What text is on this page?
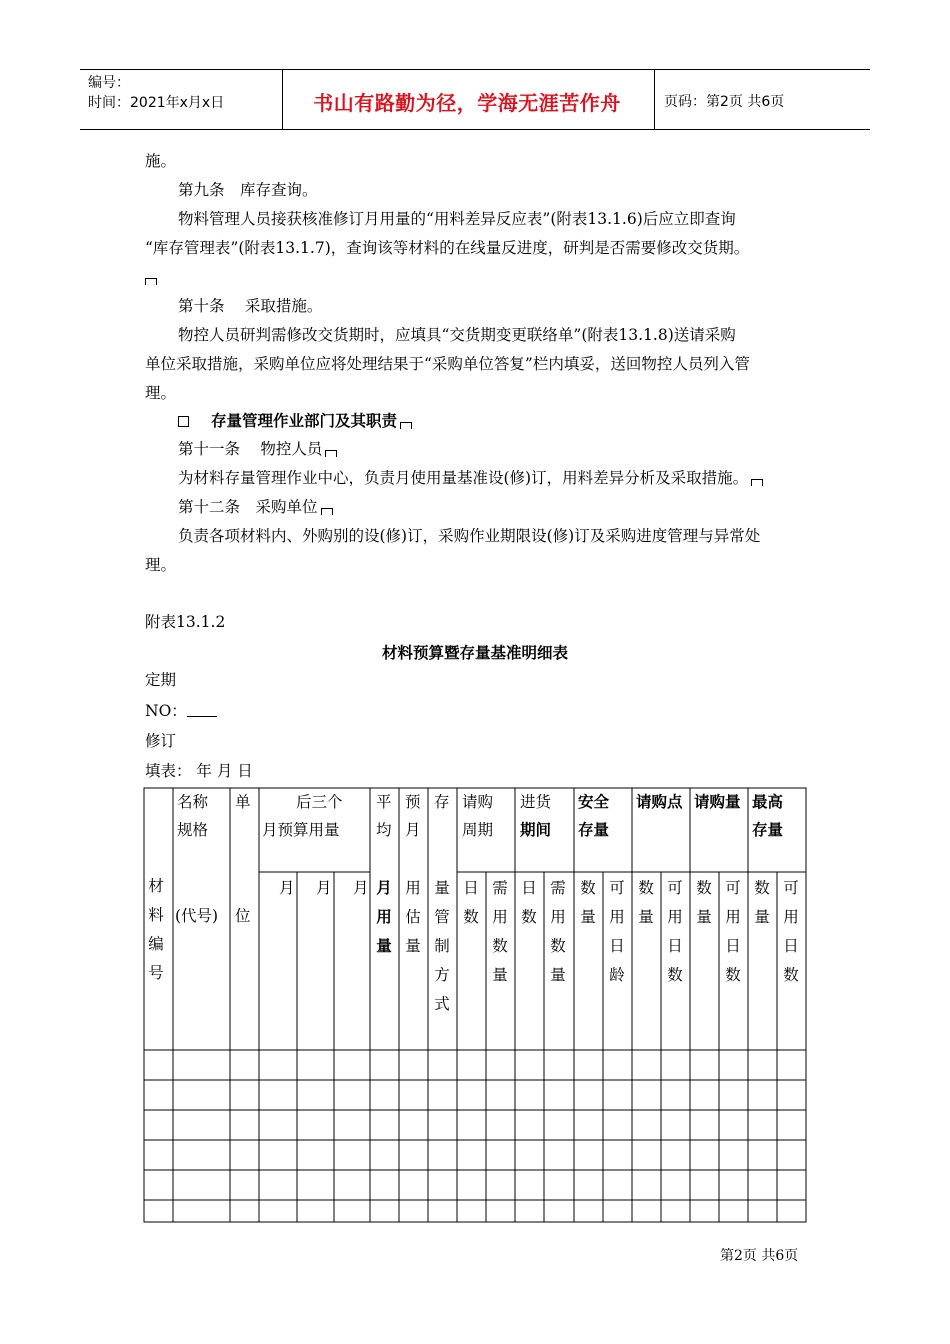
编号：
时间：2021年x月x日	书山有路勤为径，学海无涯苦作舟	页码：第2页 共6页
施。
第九条　库存查询。
物料管理人员接获核准修订月用量的“用料差异反应表”(附表13.1.6)后应立即查询
“库存管理表”(附表13.1.7)，查询该等材料的在线量反进度，研判是否需要修改交货期。
第十条　 采取措施。
物控人员研判需修改交货期时，应填具“交货期变更联络单”(附表13.1.8)送请采购
单位采取措施，采购单位应将处理结果于“采购单位答复”栏内填妥，送回物控人员列入管
理。
存量管理作业部门及其职责
第十一条　 物控人员
为材料存量管理作业中心，负责月使用量基准设(修)订，用料差异分析及采取措施。
第十二条　采购单位
负责各项材料内、外购别的设(修)订，采购作业期限设(修)订及采购进度管理与异常处
理。
附表13.1.2
材料预算暨存量基准明细表
定期
NO：
修订
填表： 年 月 日
材料编号
名称
规格
(代号)
单
位
后三个
月预算用量
月 月 月
平
均
月用量
预
月
用估量
存
量管制方式
请购
周期
日数
需用数量
进货
期间
日数
需用数量
安全
存量
数量
可用日龄
请购点
数量
可用日数
请购量
数量
可用日数
最高
存量
数量
可用日数
第2页 共6页
